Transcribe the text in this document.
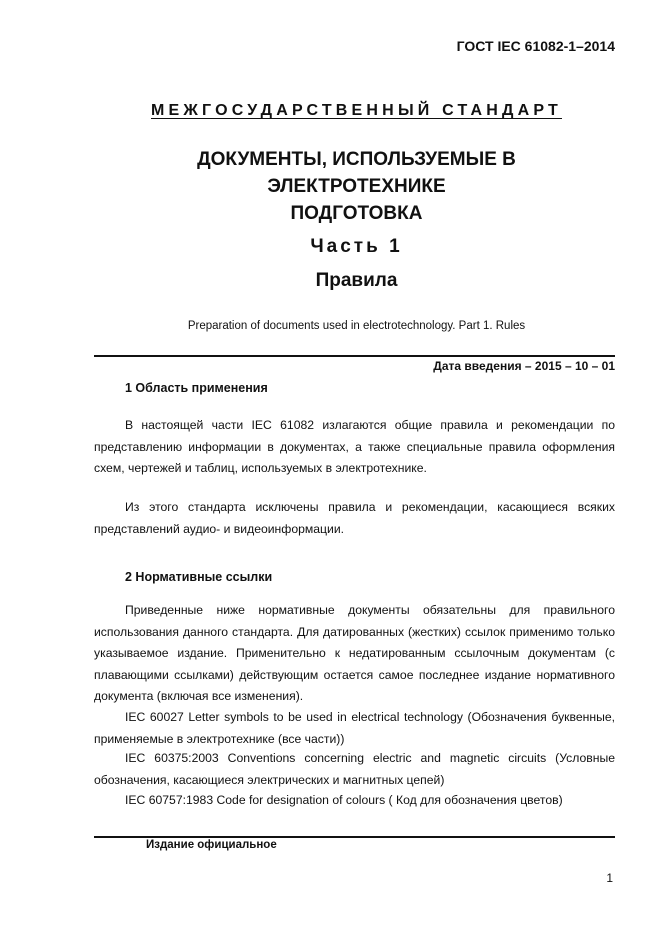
ГОСТ IEC 61082-1–2014
МЕЖГОСУДАРСТВЕННЫЙ СТАНДАРТ
ДОКУМЕНТЫ, ИСПОЛЬЗУЕМЫЕ В
ЭЛЕКТРОТЕХНИКЕ
ПОДГОТОВКА
Часть 1
Правила
Preparation of documents used in electrotechnology. Part 1. Rules
Дата введения – 2015 – 10 – 01
1 Область применения

В настоящей части IEC 61082 излагаются общие правила и рекомендации по представлению информации в документах, а также специальные правила оформления схем, чертежей и таблиц, используемых в электротехнике.

Из этого стандарта исключены правила и рекомендации, касающиеся всяких представлений аудио- и видеоинформации.

2 Нормативные ссылки

Приведенные ниже нормативные документы обязательны для правильного использования данного стандарта. Для датированных (жестких) ссылок применимо только указываемое издание. Применительно к недатированным ссылочным документам (с плавающими ссылками) действующим остается самое последнее издание нормативного документа (включая все изменения).

IEC 60027 Letter symbols to be used in electrical technology (Обозначения буквенные, применяемые в электротехнике (все части))

IEC 60375:2003 Conventions concerning electric and magnetic circuits (Условные обозначения, касающиеся электрических и магнитных цепей)

IEC 60757:1983 Code for designation of colours ( Код для обозначения цветов)

Издание официальное
1
